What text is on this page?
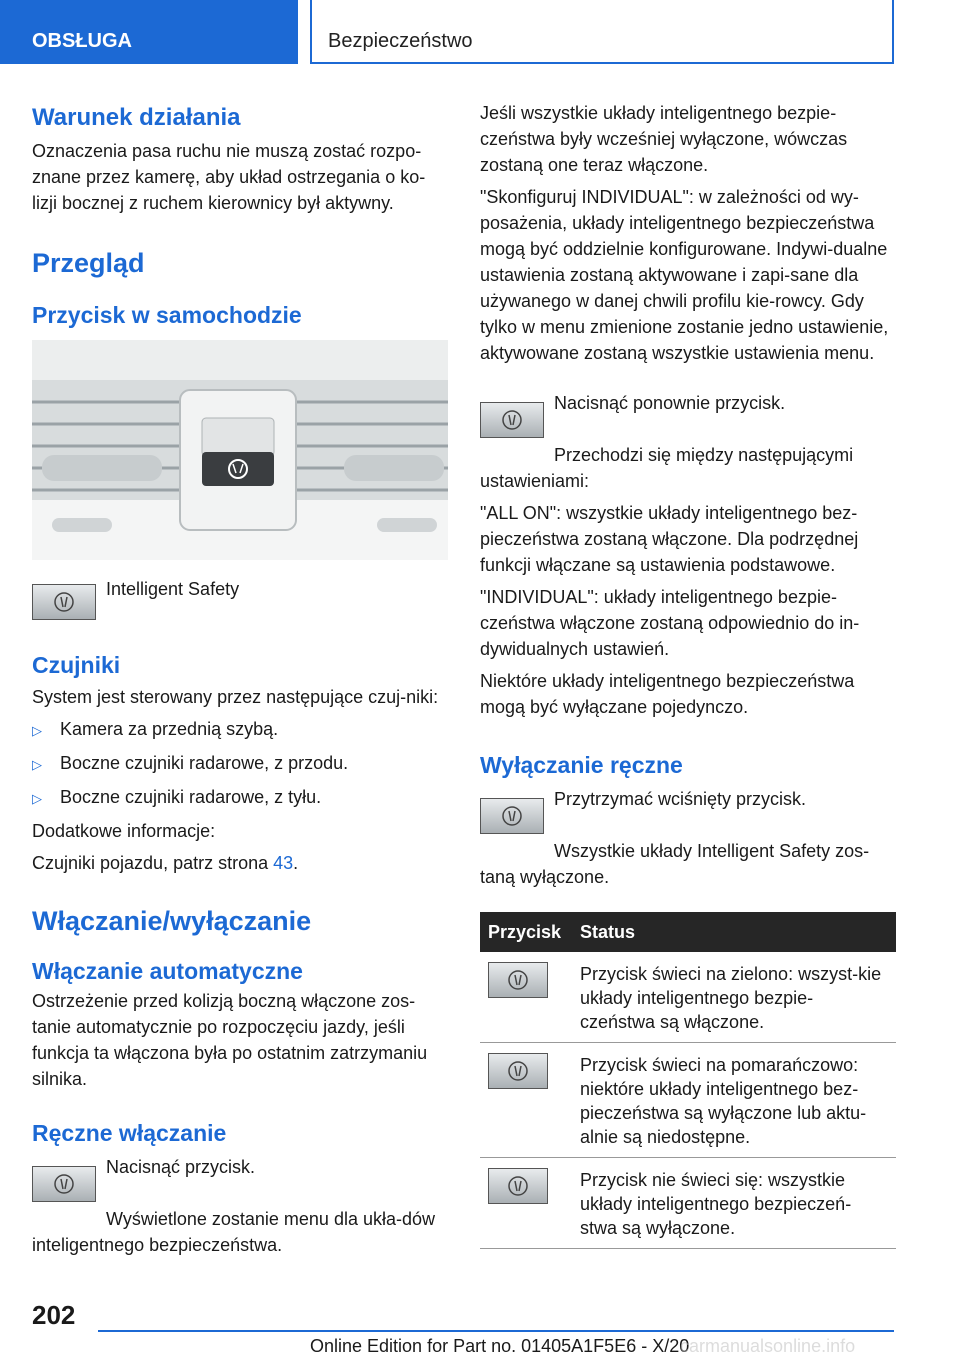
OBSŁUGA	Bezpieczeństwo
Warunek działania

Oznaczenia pasa ruchu nie muszą zostać rozpo-znane przez kamerę, aby układ ostrzegania o ko-lizji bocznej z ruchem kierownicy był aktywny.

Przegląd
Przycisk w samochodzie

Intelligent Safety

Czujniki

System jest sterowany przez następujące czuj-niki:

▷	Kamera za przednią szybą.
▷	Boczne czujniki radarowe, z przodu.
▷	Boczne czujniki radarowe, z tyłu.

Dodatkowe informacje:

Czujniki pojazdu, patrz strona 43.

Włączanie/wyłączanie
Włączanie automatyczne

Ostrzeżenie przed kolizją boczną włączone zos-tanie automatycznie po rozpoczęciu jazdy, jeśli funkcja ta włączona była po ostatnim zatrzymaniu silnika.

Ręczne włączanie

Nacisnąć przycisk.

Wyświetlone zostanie menu dla ukła-dów inteligentnego bezpieczeństwa.

Jeśli wszystkie układy inteligentnego bezpie-czeństwa były wcześniej wyłączone, wówczas zostaną one teraz włączone.

"Skonfiguruj INDIVIDUAL": w zależności od wy-posażenia, układy inteligentnego bezpieczeństwa mogą być oddzielnie konfigurowane. Indywi-dualne ustawienia zostaną aktywowane i zapi-sane dla używanego w danej chwili profilu kie-rowcy. Gdy tylko w menu zmienione zostanie jedno ustawienie, aktywowane zostaną wszystkie ustawienia menu.

Nacisnąć ponownie przycisk.

Przechodzi się między następującymi ustawieniami:

"ALL ON": wszystkie układy inteligentnego bez-pieczeństwa zostaną włączone. Dla podrzędnej funkcji włączane są ustawienia podstawowe.

"INDIVIDUAL": układy inteligentnego bezpie-czeństwa włączone zostaną odpowiednio do in-dywidualnych ustawień.

Niektóre układy inteligentnego bezpieczeństwa mogą być wyłączane pojedynczo.

Wyłączanie ręczne

Przytrzymać wciśnięty przycisk.

Wszystkie układy Intelligent Safety zos-taną wyłączone.

Przycisk	Status

	Przycisk świeci na zielono: wszyst-kie układy inteligentnego bezpie-czeństwa są włączone.

	Przycisk świeci na pomarańczowo: niektóre układy inteligentnego bez-pieczeństwa są wyłączone lub aktu-alnie są niedostępne.

	Przycisk nie świeci się: wszystkie układy inteligentnego bezpieczeń-stwa są wyłączone.
202
Online Edition for Part no. 01405A1F5E6 - X/20
carmanualsonline.info
